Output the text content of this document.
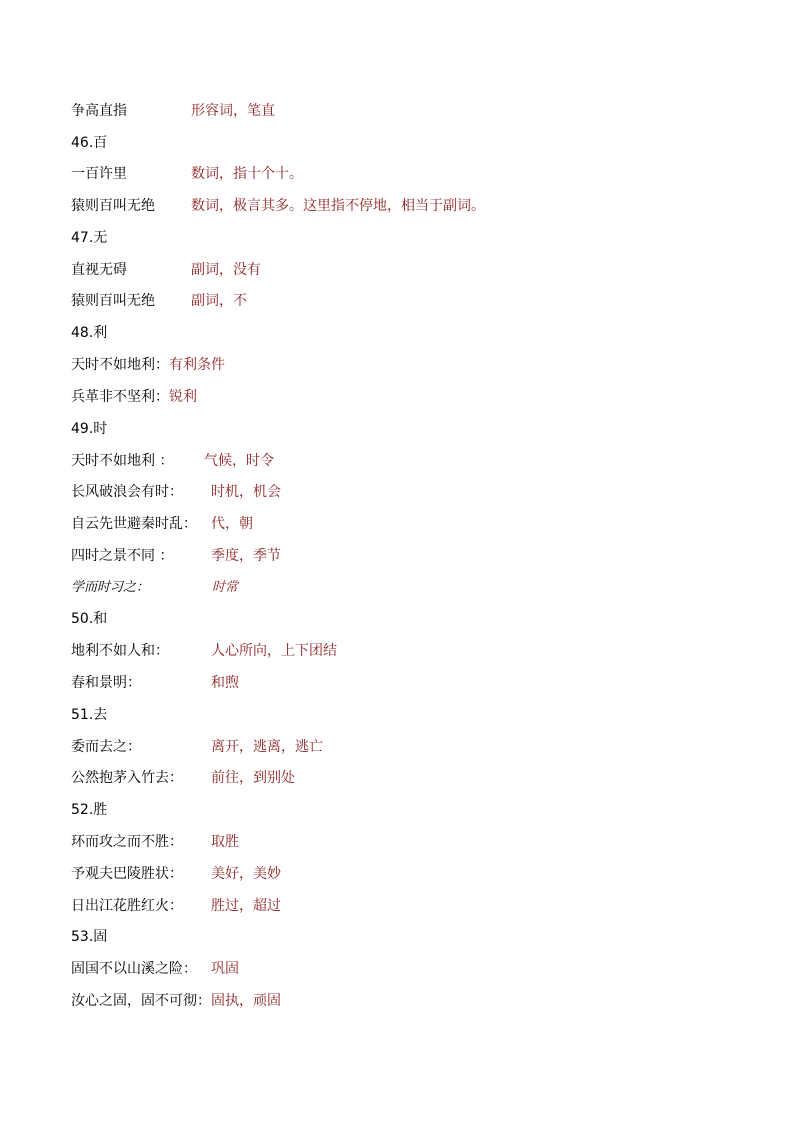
争高直指	形容词，笔直
46.百
一百许里	数词，指十个十。
猿则百叫无绝	数词，极言其多。这里指不停地，相当于副词。
47.无
直视无碍	副词，没有
猿则百叫无绝	副词，不
48.利
天时不如地利： 有利条件
兵革非不坚利： 锐利
49.时
天时不如地利 ： 气候，时令
长风破浪会有时： 时机，机会
自云先世避秦时乱： 代，朝
四时之景不同 ：	季度，季节
学而时习之：	时常
50.和
地利不如人和：	人心所向，上下团结
春和景明：	和煦
51.去
委而去之：	离开，逃离，逃亡
公然抱茅入竹去： 前往，到别处
52.胜
环而攻之而不胜： 取胜
予观夫巴陵胜状： 美好，美妙
日出江花胜红火： 胜过，超过
53.固
固国不以山溪之险： 巩固
汝心之固，固不可彻： 固执，顽固
